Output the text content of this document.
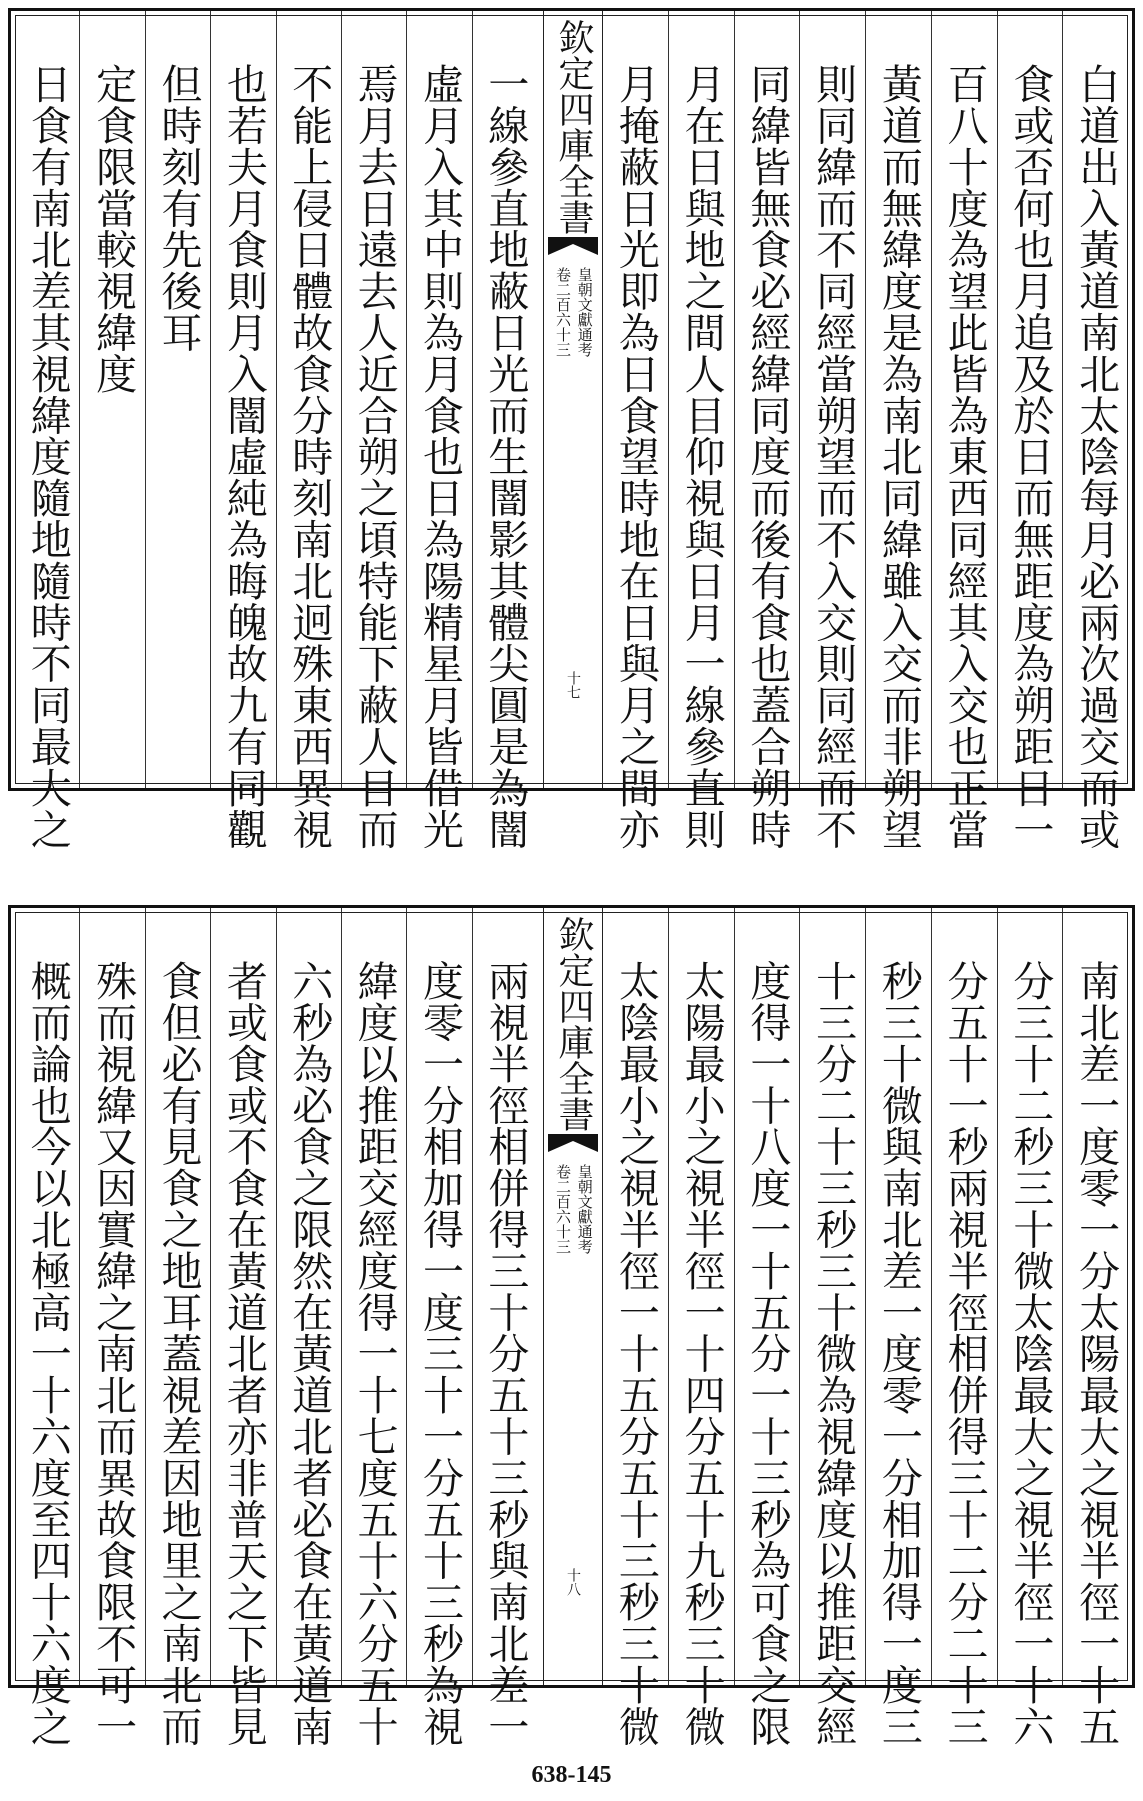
白道出入黃道南北太陰每月必兩次過交而或
食或否何也月追及於日而無距度為朔距日一
百八十度為望此皆為東西同經其入交也正當
黃道而無緯度是為南北同緯雖入交而非朔望
則同緯而不同經當朔望而不入交則同經而不
同緯皆無食必經緯同度而後有食也蓋合朔時
月在日與地之間人目仰視與日月一線參直則
月掩蔽日光即為日食望時地在日與月之間亦
欽定四庫全書
皇朝文獻通考
卷二百六十三
十七
一線參直地蔽日光而生闇影其體尖圓是為闇
虛月入其中則為月食也日為陽精星月皆借光
焉月去日遠去人近合朔之頃特能下蔽人目而
不能上侵日體故食分時刻南北迥殊東西異視
也若夫月食則月入闇虛純為晦魄故九有同觀
但時刻有先後耳
定食限當較視緯度
日食有南北差其視緯度隨地隨時不同最大之
南北差一度零一分太陽最大之視半徑一十五
分三十二秒三十微太陰最大之視半徑一十六
分五十一秒兩視半徑相併得三十二分二十三
秒三十微與南北差一度零一分相加得一度三
十三分二十三秒三十微為視緯度以推距交經
度得一十八度一十五分一十三秒為可食之限
太陽最小之視半徑一十四分五十九秒三十微
太陰最小之視半徑一十五分五十三秒三十微
欽定四庫全書
皇朝文獻通考
卷二百六十三
十八
兩視半徑相併得三十分五十三秒與南北差一
度零一分相加得一度三十一分五十三秒為視
緯度以推距交經度得一十七度五十六分五十
六秒為必食之限然在黃道北者必食在黃道南
者或食或不食在黃道北者亦非普天之下皆見
食但必有見食之地耳蓋視差因地里之南北而
殊而視緯又因實緯之南北而異故食限不可一
概而論也今以北極高一十六度至四十六度之
638-145
